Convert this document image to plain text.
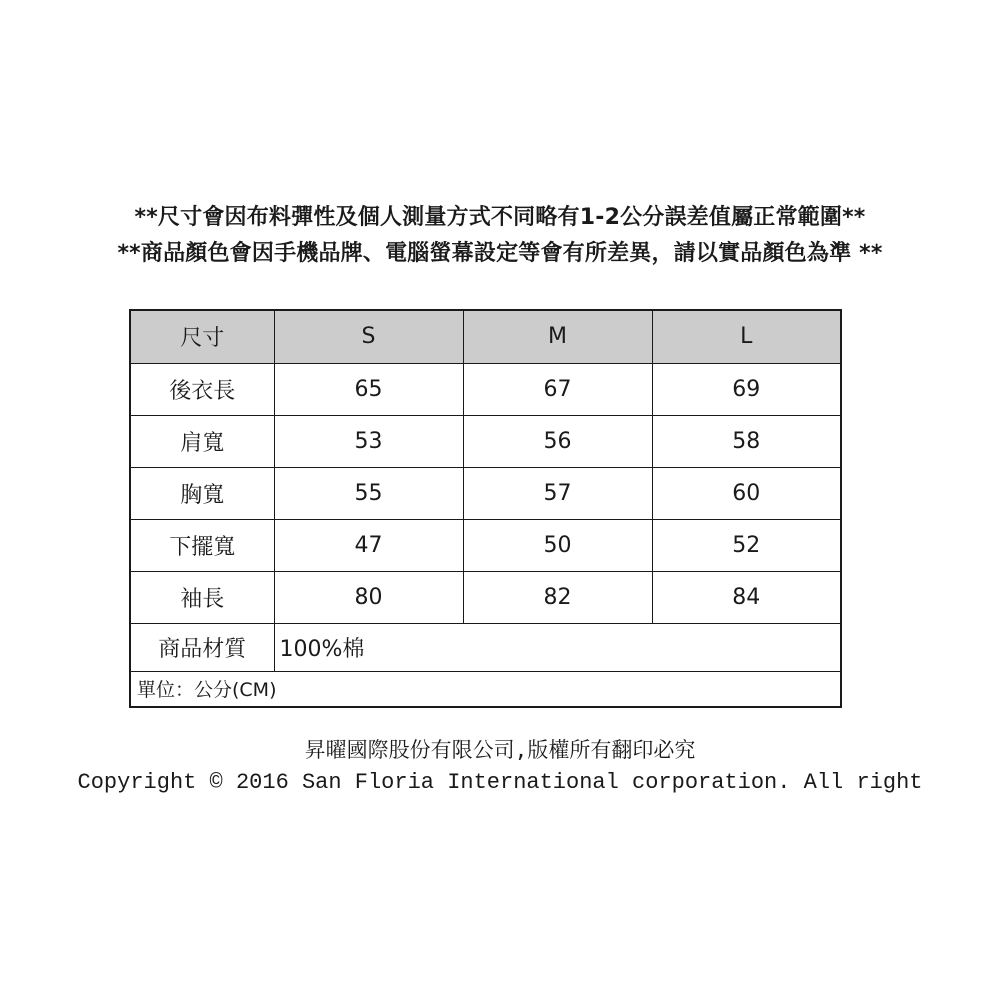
**尺寸會因布料彈性及個人測量方式不同略有1-2公分誤差值屬正常範圍**
**商品顏色會因手機品牌、電腦螢幕設定等會有所差異，請以實品顏色為準 **
尺寸	S	M	L
後衣長	65	67	69
肩寬	53	56	58
胸寬	55	57	60
下擺寬	47	50	52
袖長	80	82	84
商品材質	100%棉		
單位：公分(CM)			
昇曜國際股份有限公司,版權所有翻印必究
Copyright © 2016 San Floria International corporation. All right
